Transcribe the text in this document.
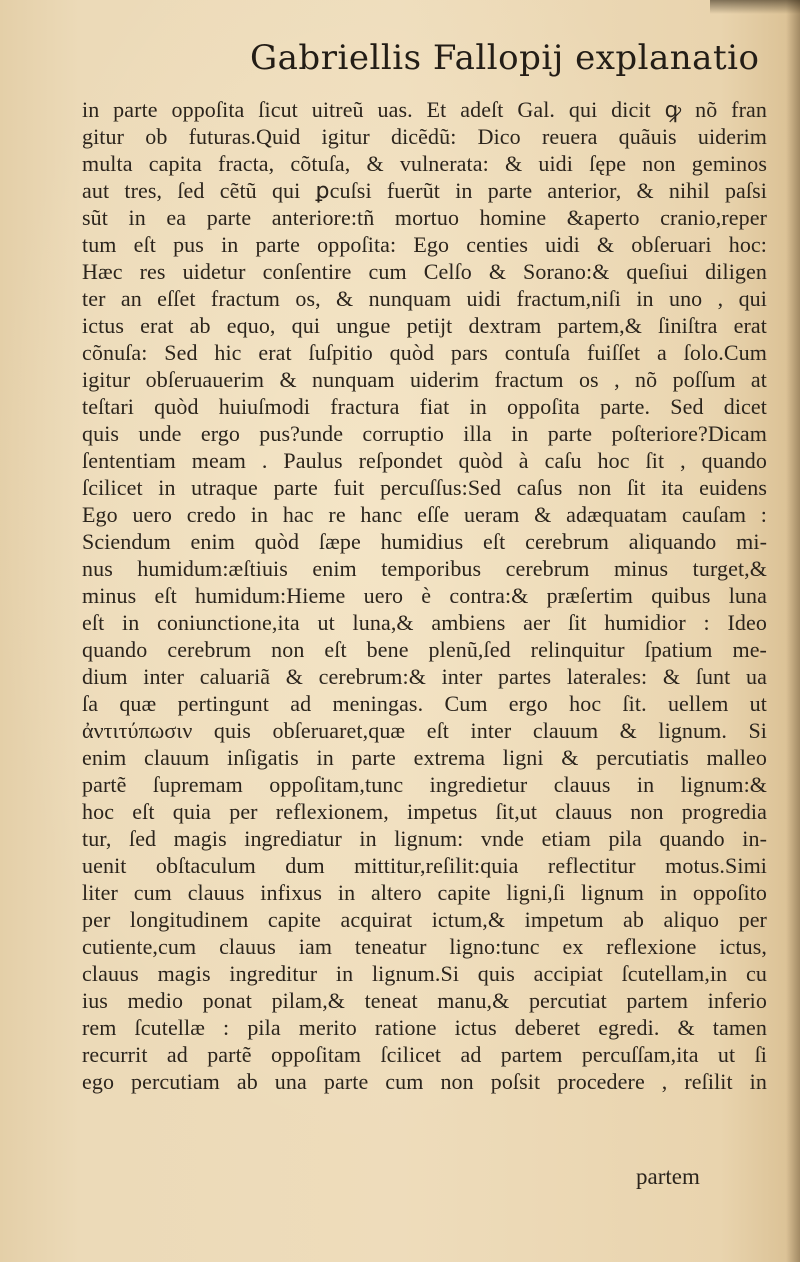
Gabriellis Fallopij explanatio
in parte oppoſita ſicut uitreũ uas. Et adeſt Gal. qui dicit ꝙ nõ fran
gitur ob futuras.Quid igitur dicẽdũ: Dico reuera quãuis uiderim
multa capita fracta, cõtuſa, & vulnerata: & uidi ſępe non geminos
aut tres, ſed cẽtũ qui ꝑcuſsi fuerũt in parte anterior, & nihil paſsi
sũt in ea parte anteriore:tñ mortuo homine &aperto cranio,reper
tum eſt pus in parte oppoſita: Ego centies uidi & obſeruari hoc:
Hæc res uidetur conſentire cum Celſo & Sorano:& queſiui diligen
ter an eſſet fractum os, & nunquam uidi fractum,niſi in uno , qui
ictus erat ab equo, qui ungue petijt dextram partem,& ſiniſtra erat
cõnuſa: Sed hic erat ſuſpitio quòd pars contuſa fuiſſet a ſolo.Cum
igitur obſeruauerim & nunquam uiderim fractum os , nõ poſſum at
teſtari quòd huiuſmodi fractura fiat in oppoſita parte. Sed dicet
quis unde ergo pus?unde corruptio illa in parte poſteriore?Dicam
ſententiam meam . Paulus reſpondet quòd à caſu hoc ſit , quando
ſcilicet in utraque parte fuit percuſſus:Sed caſus non ſit ita euidens
Ego uero credo in hac re hanc eſſe ueram & adæquatam cauſam :
Sciendum enim quòd ſæpe humidius eſt cerebrum aliquando mi-
nus humidum:æſtiuis enim temporibus cerebrum minus turget,&
minus eſt humidum:Hieme uero è contra:& præſertim quibus luna
eſt in coniunctione,ita ut luna,& ambiens aer ſit humidior : Ideo
quando cerebrum non eſt bene plenũ,ſed relinquitur ſpatium me-
dium inter caluariã & cerebrum:& inter partes laterales: & ſunt ua
ſa quæ pertingunt ad meningas. Cum ergo hoc ſit. uellem ut
ἀντιτύπωσιν quis obſeruaret,quæ eſt inter clauum & lignum. Si
enim clauum inſigatis in parte extrema ligni & percutiatis malleo
partẽ ſupremam oppoſitam,tunc ingredietur clauus in lignum:&
hoc eſt quia per reflexionem, impetus ſit,ut clauus non progredia
tur, ſed magis ingrediatur in lignum: vnde etiam pila quando in-
uenit obſtaculum dum mittitur,reſilit:quia reflectitur motus.Simi
liter cum clauus infixus in altero capite ligni,ſi lignum in oppoſito
per longitudinem capite acquirat ictum,& impetum ab aliquo per
cutiente,cum clauus iam teneatur ligno:tunc ex reflexione ictus,
clauus magis ingreditur in lignum.Si quis accipiat ſcutellam,in cu
ius medio ponat pilam,& teneat manu,& percutiat partem inferio
rem ſcutellæ : pila merito ratione ictus deberet egredi. & tamen
recurrit ad partẽ oppoſitam ſcilicet ad partem percuſſam,ita ut ſi
ego percutiam ab una parte cum non poſsit procedere , reſilit in
partem
